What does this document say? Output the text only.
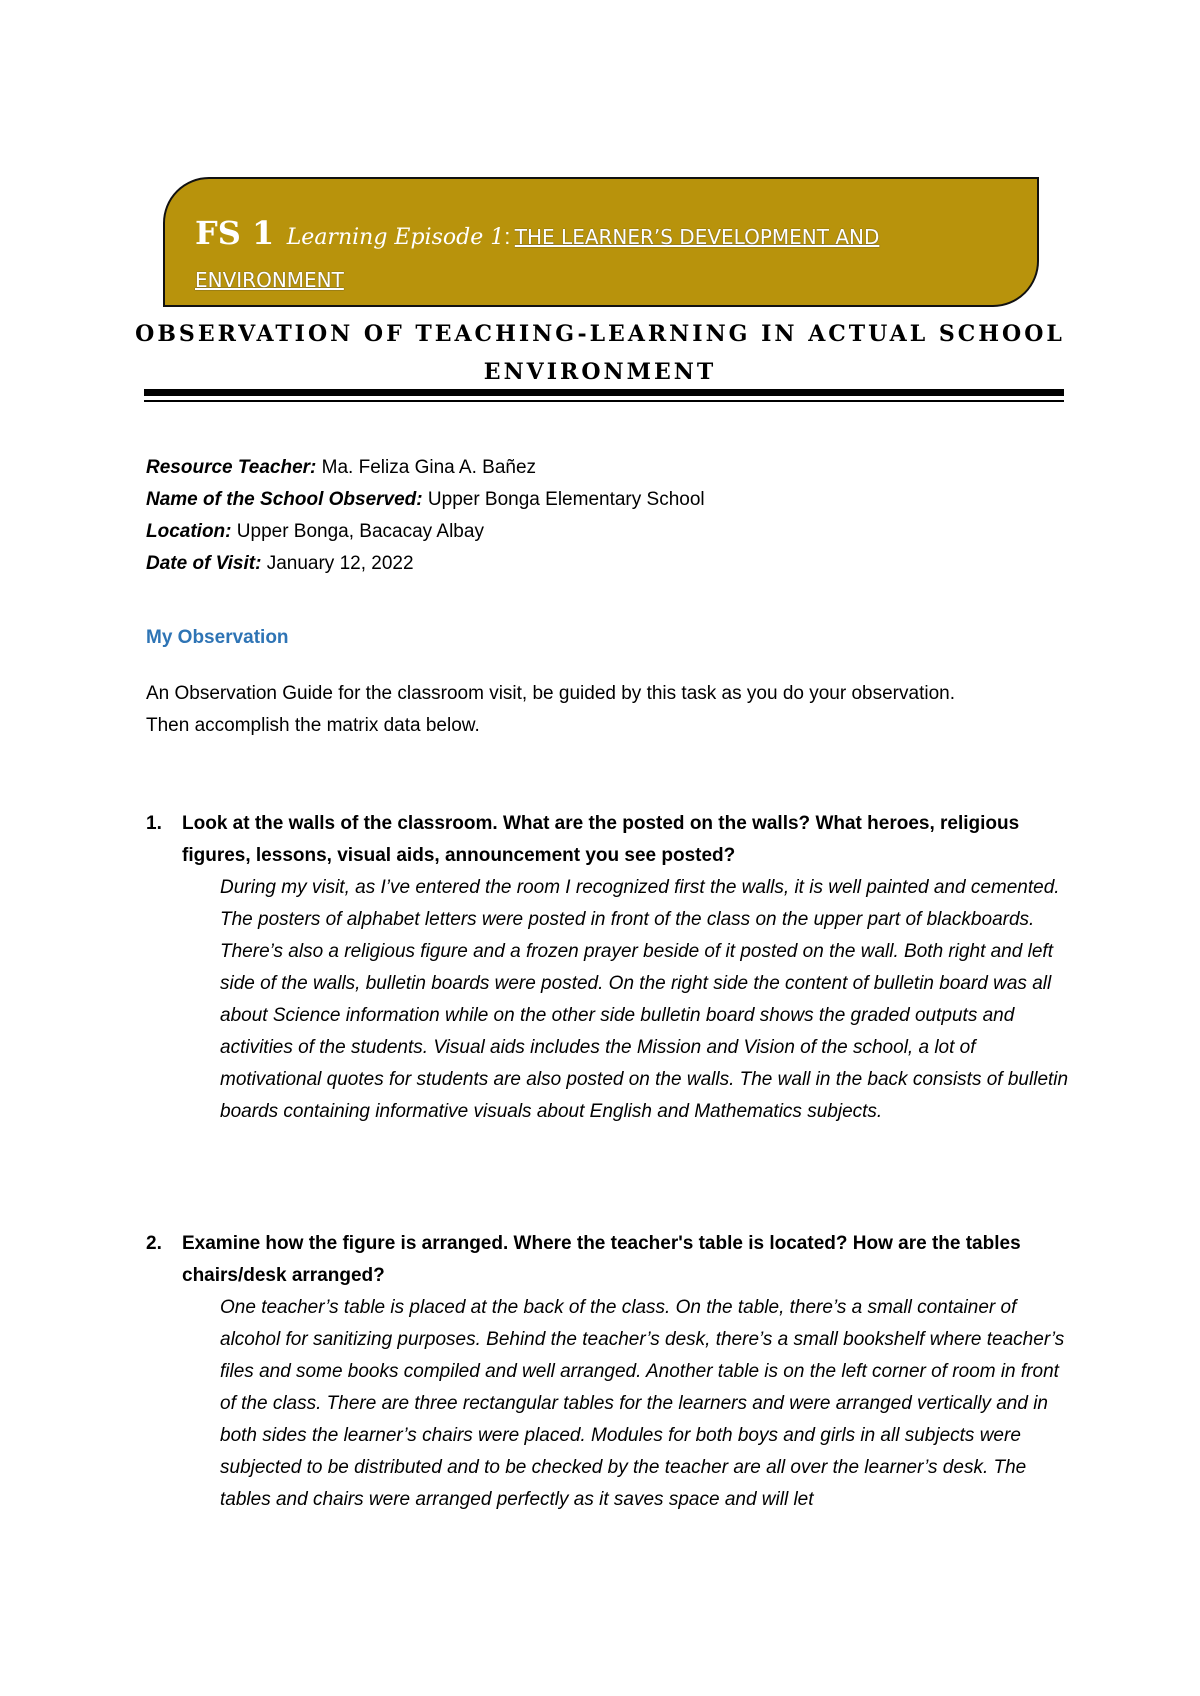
FS 1 Learning Episode 1: THE LEARNER’S DEVELOPMENT AND ENVIRONMENT
OBSERVATION OF TEACHING-LEARNING IN ACTUAL SCHOOL ENVIRONMENT
Resource Teacher: Ma. Feliza Gina A. Bañez
Name of the School Observed: Upper Bonga Elementary School
Location: Upper Bonga, Bacacay Albay
Date of Visit: January 12, 2022
My Observation
An Observation Guide for the classroom visit, be guided by this task as you do your observation.
Then accomplish the matrix data below.
1. Look at the walls of the classroom. What are the posted on the walls? What heroes, religious figures, lessons, visual aids, announcement you see posted?
During my visit, as I’ve entered the room I recognized first the walls, it is well painted and cemented. The posters of alphabet letters were posted in front of the class on the upper part of blackboards. There’s also a religious figure and a frozen prayer beside of it posted on the wall. Both right and left side of the walls, bulletin boards were posted. On the right side the content of bulletin board was all about Science information while on the other side bulletin board shows the graded outputs and activities of the students. Visual aids includes the Mission and Vision of the school, a lot of motivational quotes for students are also posted on the walls. The wall in the back consists of bulletin boards containing informative visuals about English and Mathematics subjects.
2. Examine how the figure is arranged. Where the teacher's table is located? How are the tables chairs/desk arranged?
One teacher’s table is placed at the back of the class. On the table, there’s a small container of alcohol for sanitizing purposes. Behind the teacher’s desk, there’s a small bookshelf where teacher’s files and some books compiled and well arranged. Another table is on the left corner of room in front of the class. There are three rectangular tables for the learners and were arranged vertically and in both sides the learner’s chairs were placed. Modules for both boys and girls in all subjects were subjected to be distributed and to be checked by the teacher are all over the learner’s desk. The tables and chairs were arranged perfectly as it saves space and will let
